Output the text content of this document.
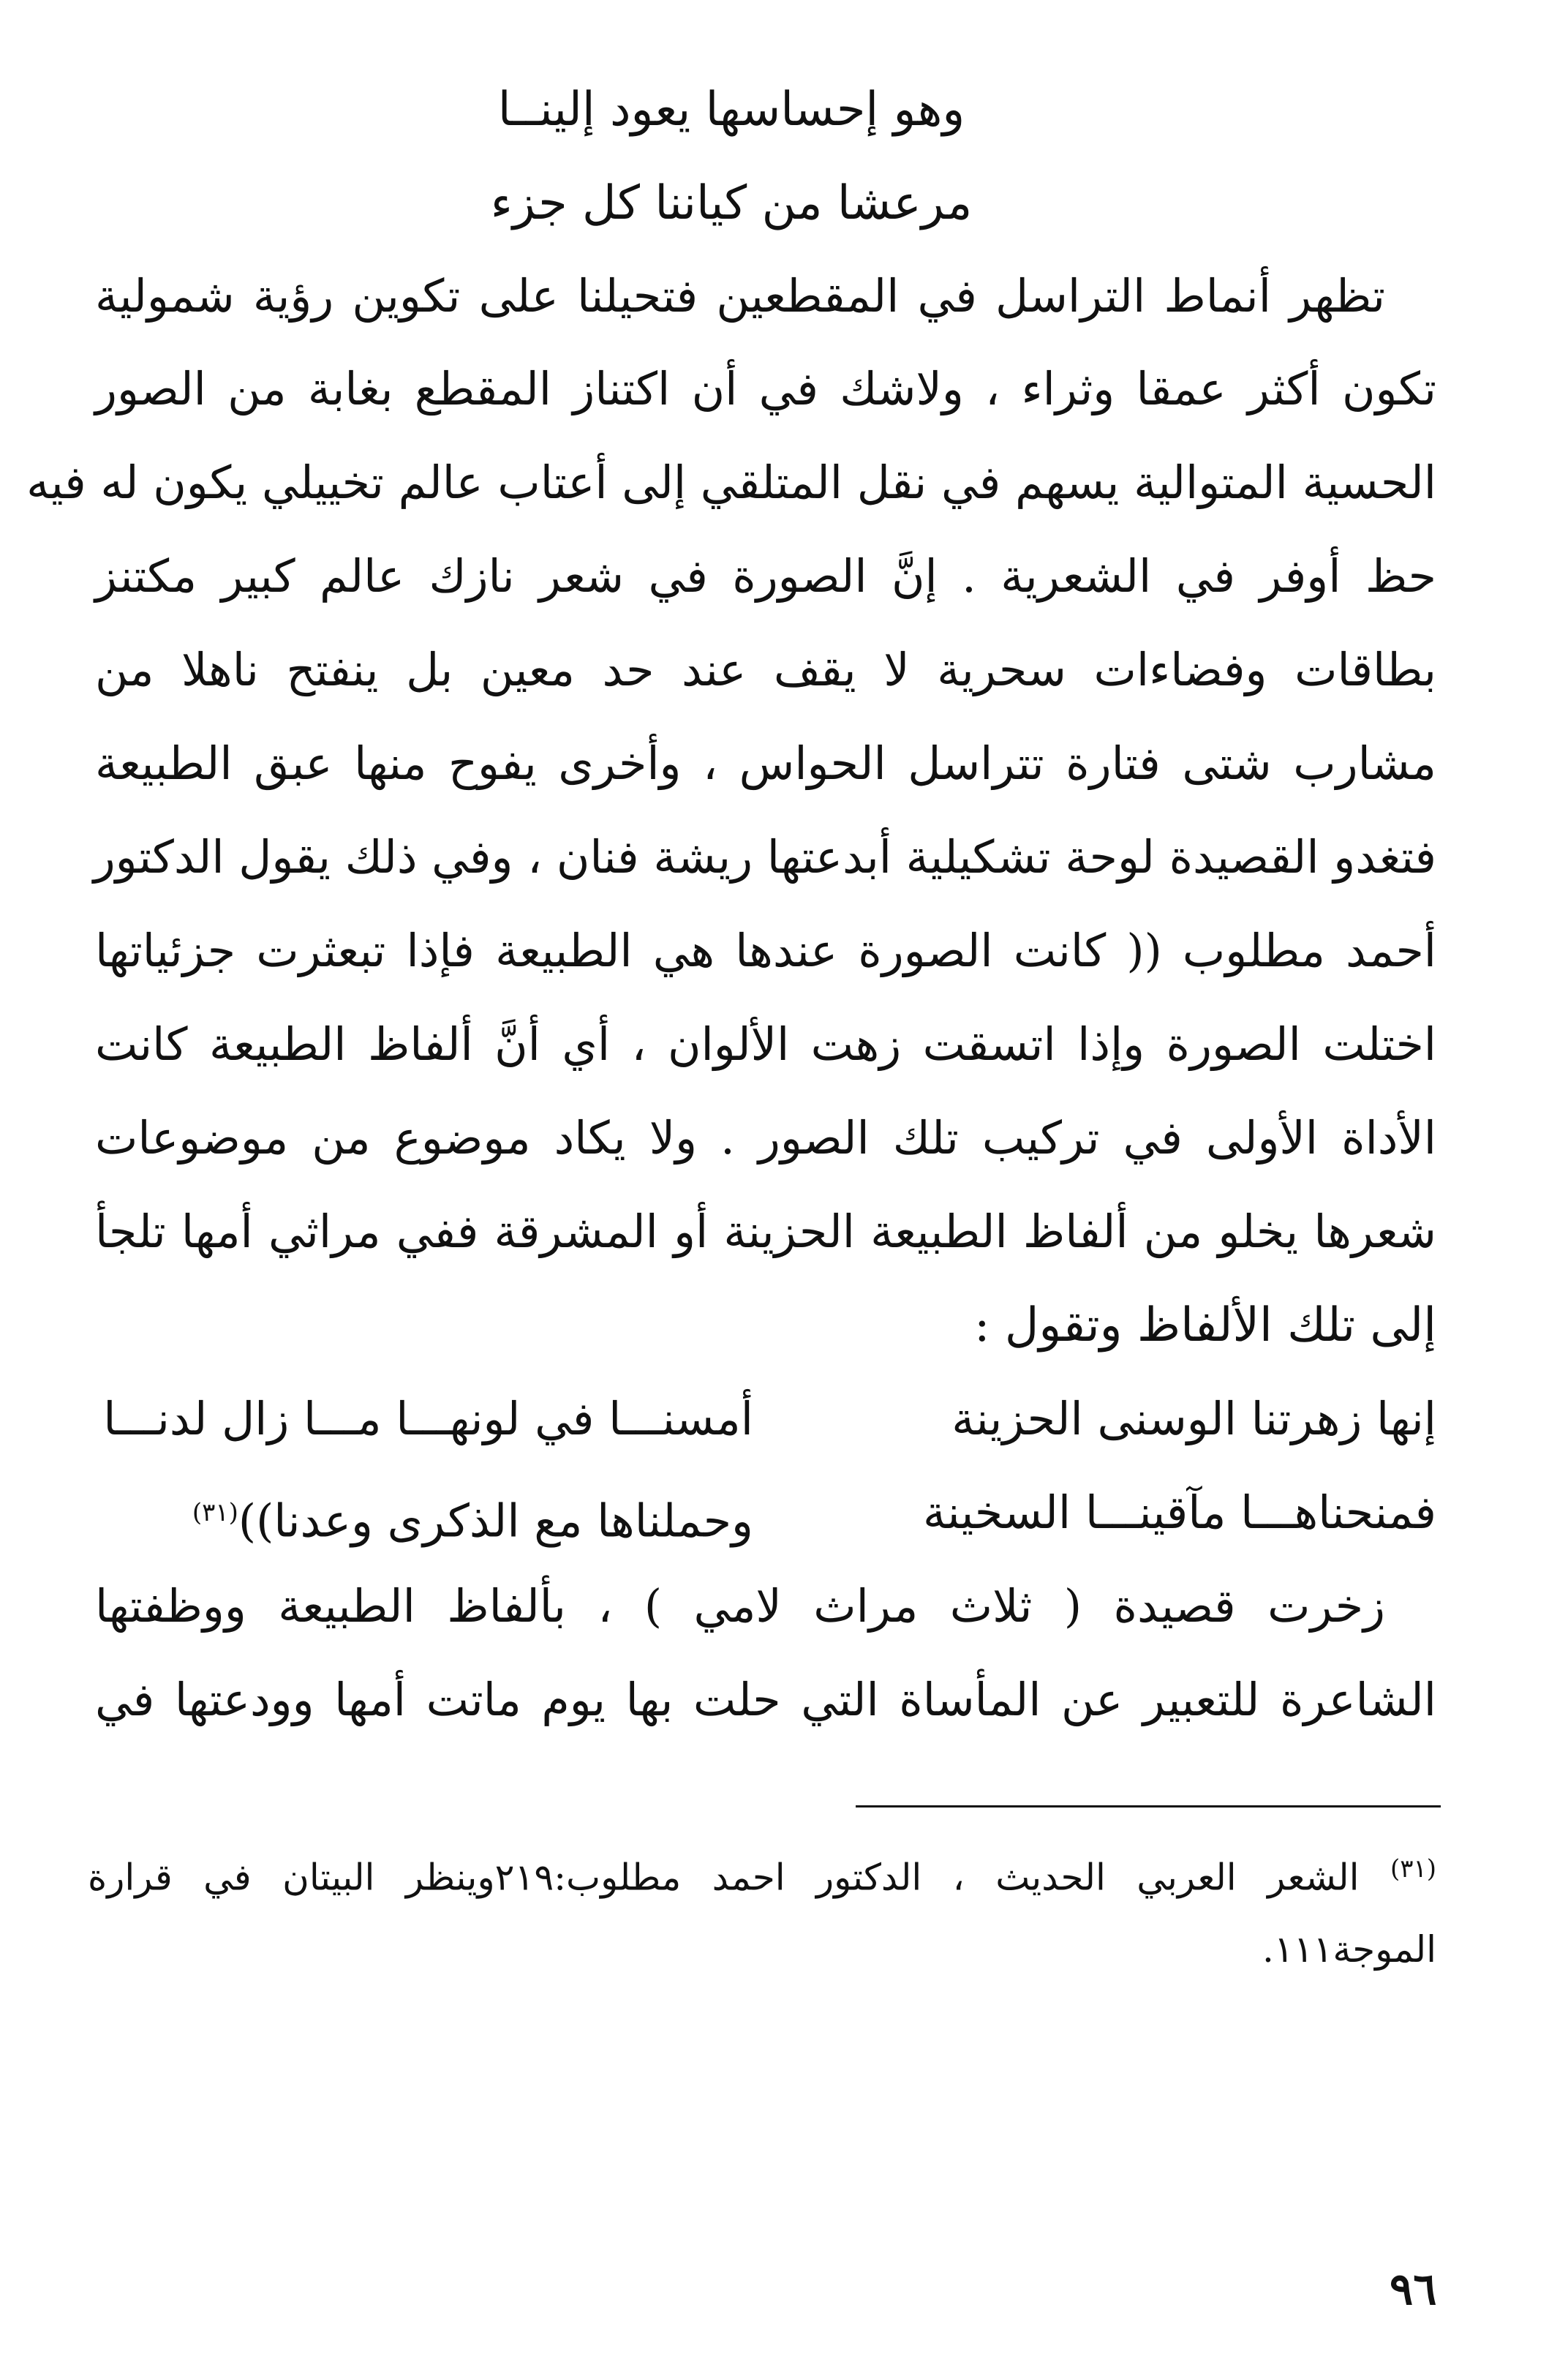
وهو إحساسها يعود إلينــا
مرعشا من كياننا كل جزء
تظهر أنماط التراسل في المقطعين فتحيلنا على تكوين رؤية شمولية
تكون أكثر عمقا وثراء ، ولاشك في أن اكتناز المقطع بغابة من الصور
الحسية المتوالية يسهم في نقل المتلقي إلى أعتاب عالم تخييلي يكون له فيه
حظ أوفر في الشعرية . إنَّ الصورة في شعر نازك عالم كبير مكتنز
بطاقات وفضاءات سحرية لا يقف عند حد معين بل ينفتح ناهلا من
مشارب شتى فتارة تتراسل الحواس ، وأخرى يفوح منها عبق الطبيعة
فتغدو القصيدة لوحة تشكيلية أبدعتها ريشة فنان ، وفي ذلك يقول الدكتور
أحمد مطلوب (( كانت الصورة عندها هي الطبيعة فإذا تبعثرت جزئياتها
اختلت الصورة وإذا اتسقت زهت الألوان ، أي أنَّ ألفاظ الطبيعة كانت
الأداة الأولى في تركيب تلك الصور . ولا يكاد موضوع من موضوعات
شعرها يخلو من ألفاظ الطبيعة الحزينة أو المشرقة ففي مراثي أمها تلجأ
إلى تلك الألفاظ وتقول :
إنها زهرتنا الوسنى الحزينة
أمسنـــا في لونهـــا مـــا زال لدنـــا
فمنحناهـــا مآقينـــا السخينة
وحملناها مع الذكرى وعدنا))$^{(٣١)}$
زخرت قصيدة ( ثلاث مراث لامي ) ، بألفاظ الطبيعة ووظفتها
الشاعرة للتعبير عن المأساة التي حلت بها يوم ماتت أمها وودعتها في
$^{(٣١)}$ الشعر العربي الحديث ، الدكتور احمد مطلوب:٢١٩وينظر البيتان في قرارة
الموجة١١١.
٩٦
